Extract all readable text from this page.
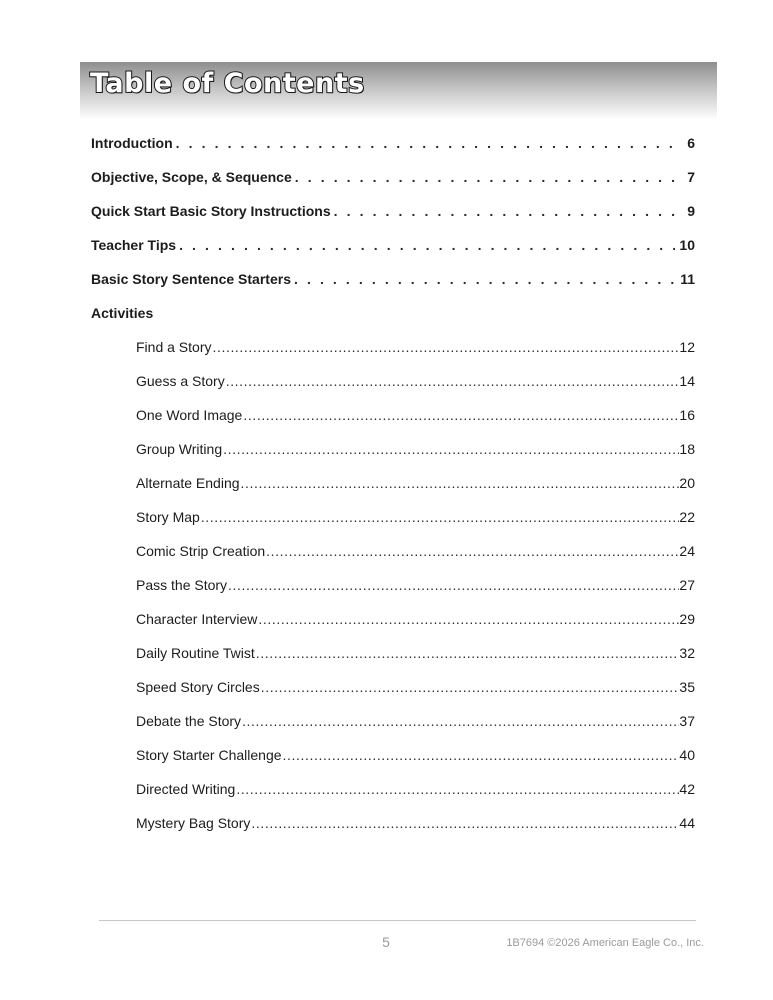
Table of Contents
Introduction . . .	6
Objective, Scope, & Sequence . . .	7
Quick Start Basic Story Instructions . . .	9
Teacher Tips . . .	10
Basic Story Sentence Starters . . .	11
Activities
Find a Story .....	12
Guess a Story .....	14
One Word Image .....	16
Group Writing .....	18
Alternate Ending .....	20
Story Map .....	22
Comic Strip Creation .....	24
Pass the Story .....	27
Character Interview .....	29
Daily Routine Twist .....	32
Speed Story Circles .....	35
Debate the Story .....	37
Story Starter Challenge .....	40
Directed Writing .....	42
Mystery Bag Story .....	44
5	1B7694 ©2026 American Eagle Co., Inc.
